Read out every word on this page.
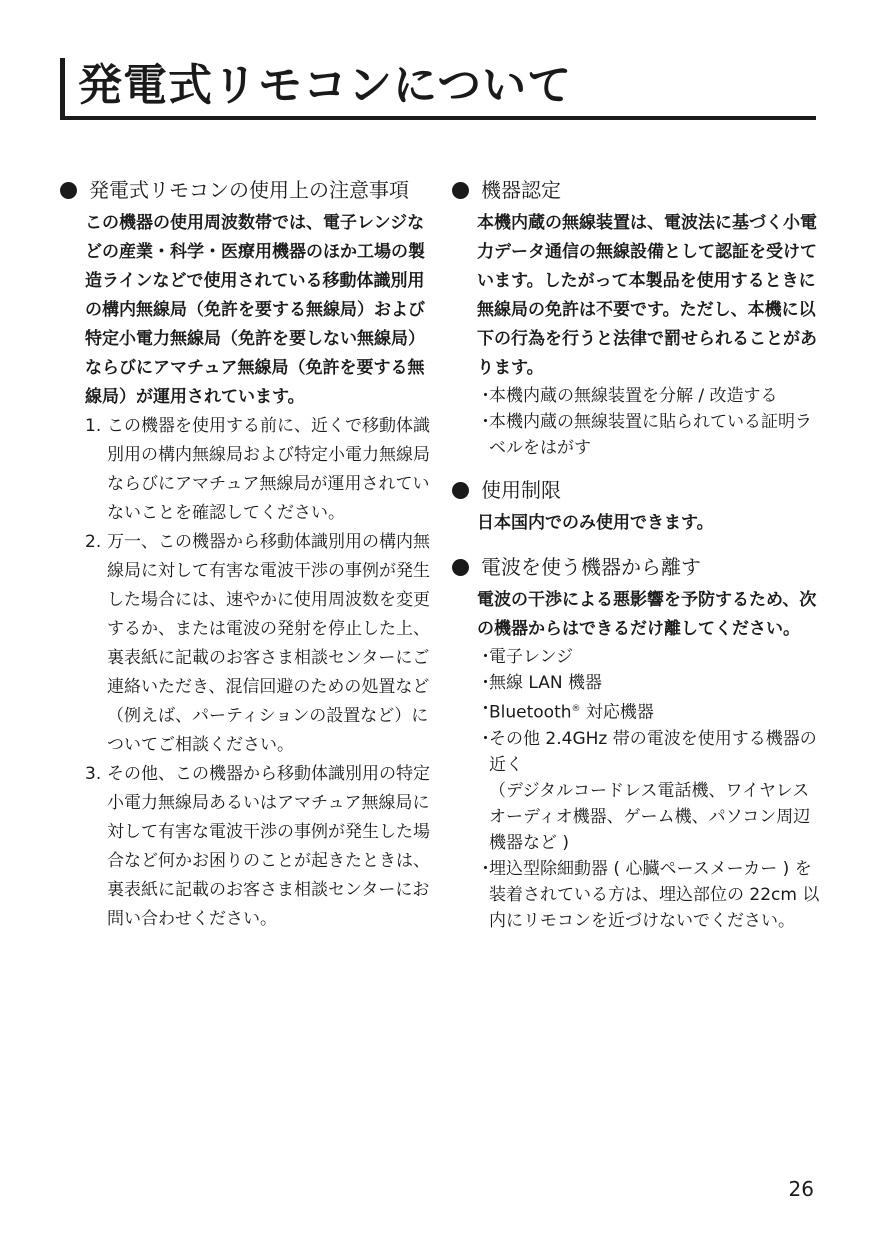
発電式リモコンについて
発電式リモコンの使用上の注意事項

この機器の使用周波数帯では、電子レンジなどの産業・科学・医療用機器のほか工場の製造ラインなどで使用されている移動体識別用の構内無線局（免許を要する無線局）および特定小電力無線局（免許を要しない無線局）ならびにアマチュア無線局（免許を要する無線局）が運用されています。

1. この機器を使用する前に、近くで移動体識別用の構内無線局および特定小電力無線局ならびにアマチュア無線局が運用されていないことを確認してください。
2. 万一、この機器から移動体識別用の構内無線局に対して有害な電波干渉の事例が発生した場合には、速やかに使用周波数を変更するか、または電波の発射を停止した上、裏表紙に記載のお客さま相談センターにご連絡いただき、混信回避のための処置など（例えば、パーティションの設置など）についてご相談ください。
3. その他、この機器から移動体識別用の特定小電力無線局あるいはアマチュア無線局に対して有害な電波干渉の事例が発生した場合など何かお困りのことが起きたときは、裏表紙に記載のお客さま相談センターにお問い合わせください。
機器認定

本機内蔵の無線装置は、電波法に基づく小電力データ通信の無線設備として認証を受けています。したがって本製品を使用するときに無線局の免許は不要です。ただし、本機に以下の行為を行うと法律で罰せられることがあります。

・
本機内蔵の無線装置を分解 / 改造する
・
本機内蔵の無線装置に貼られている証明ラベルをはがす
使用制限

日本国内でのみ使用できます。

電波を使う機器から離す

電波の干渉による悪影響を予防するため、次の機器からはできるだけ離してください。

・
電子レンジ
・
無線 LAN 機器
・
Bluetooth® 対応機器
・
その他 2.4GHz 帯の電波を使用する機器の近く
（デジタルコードレス電話機、ワイヤレスオーディオ機器、ゲーム機、パソコン周辺機器など )
・
埋込型除細動器 ( 心臓ペースメーカー ) を装着されている方は、埋込部位の 22cm 以内にリモコンを近づけないでください。
26
